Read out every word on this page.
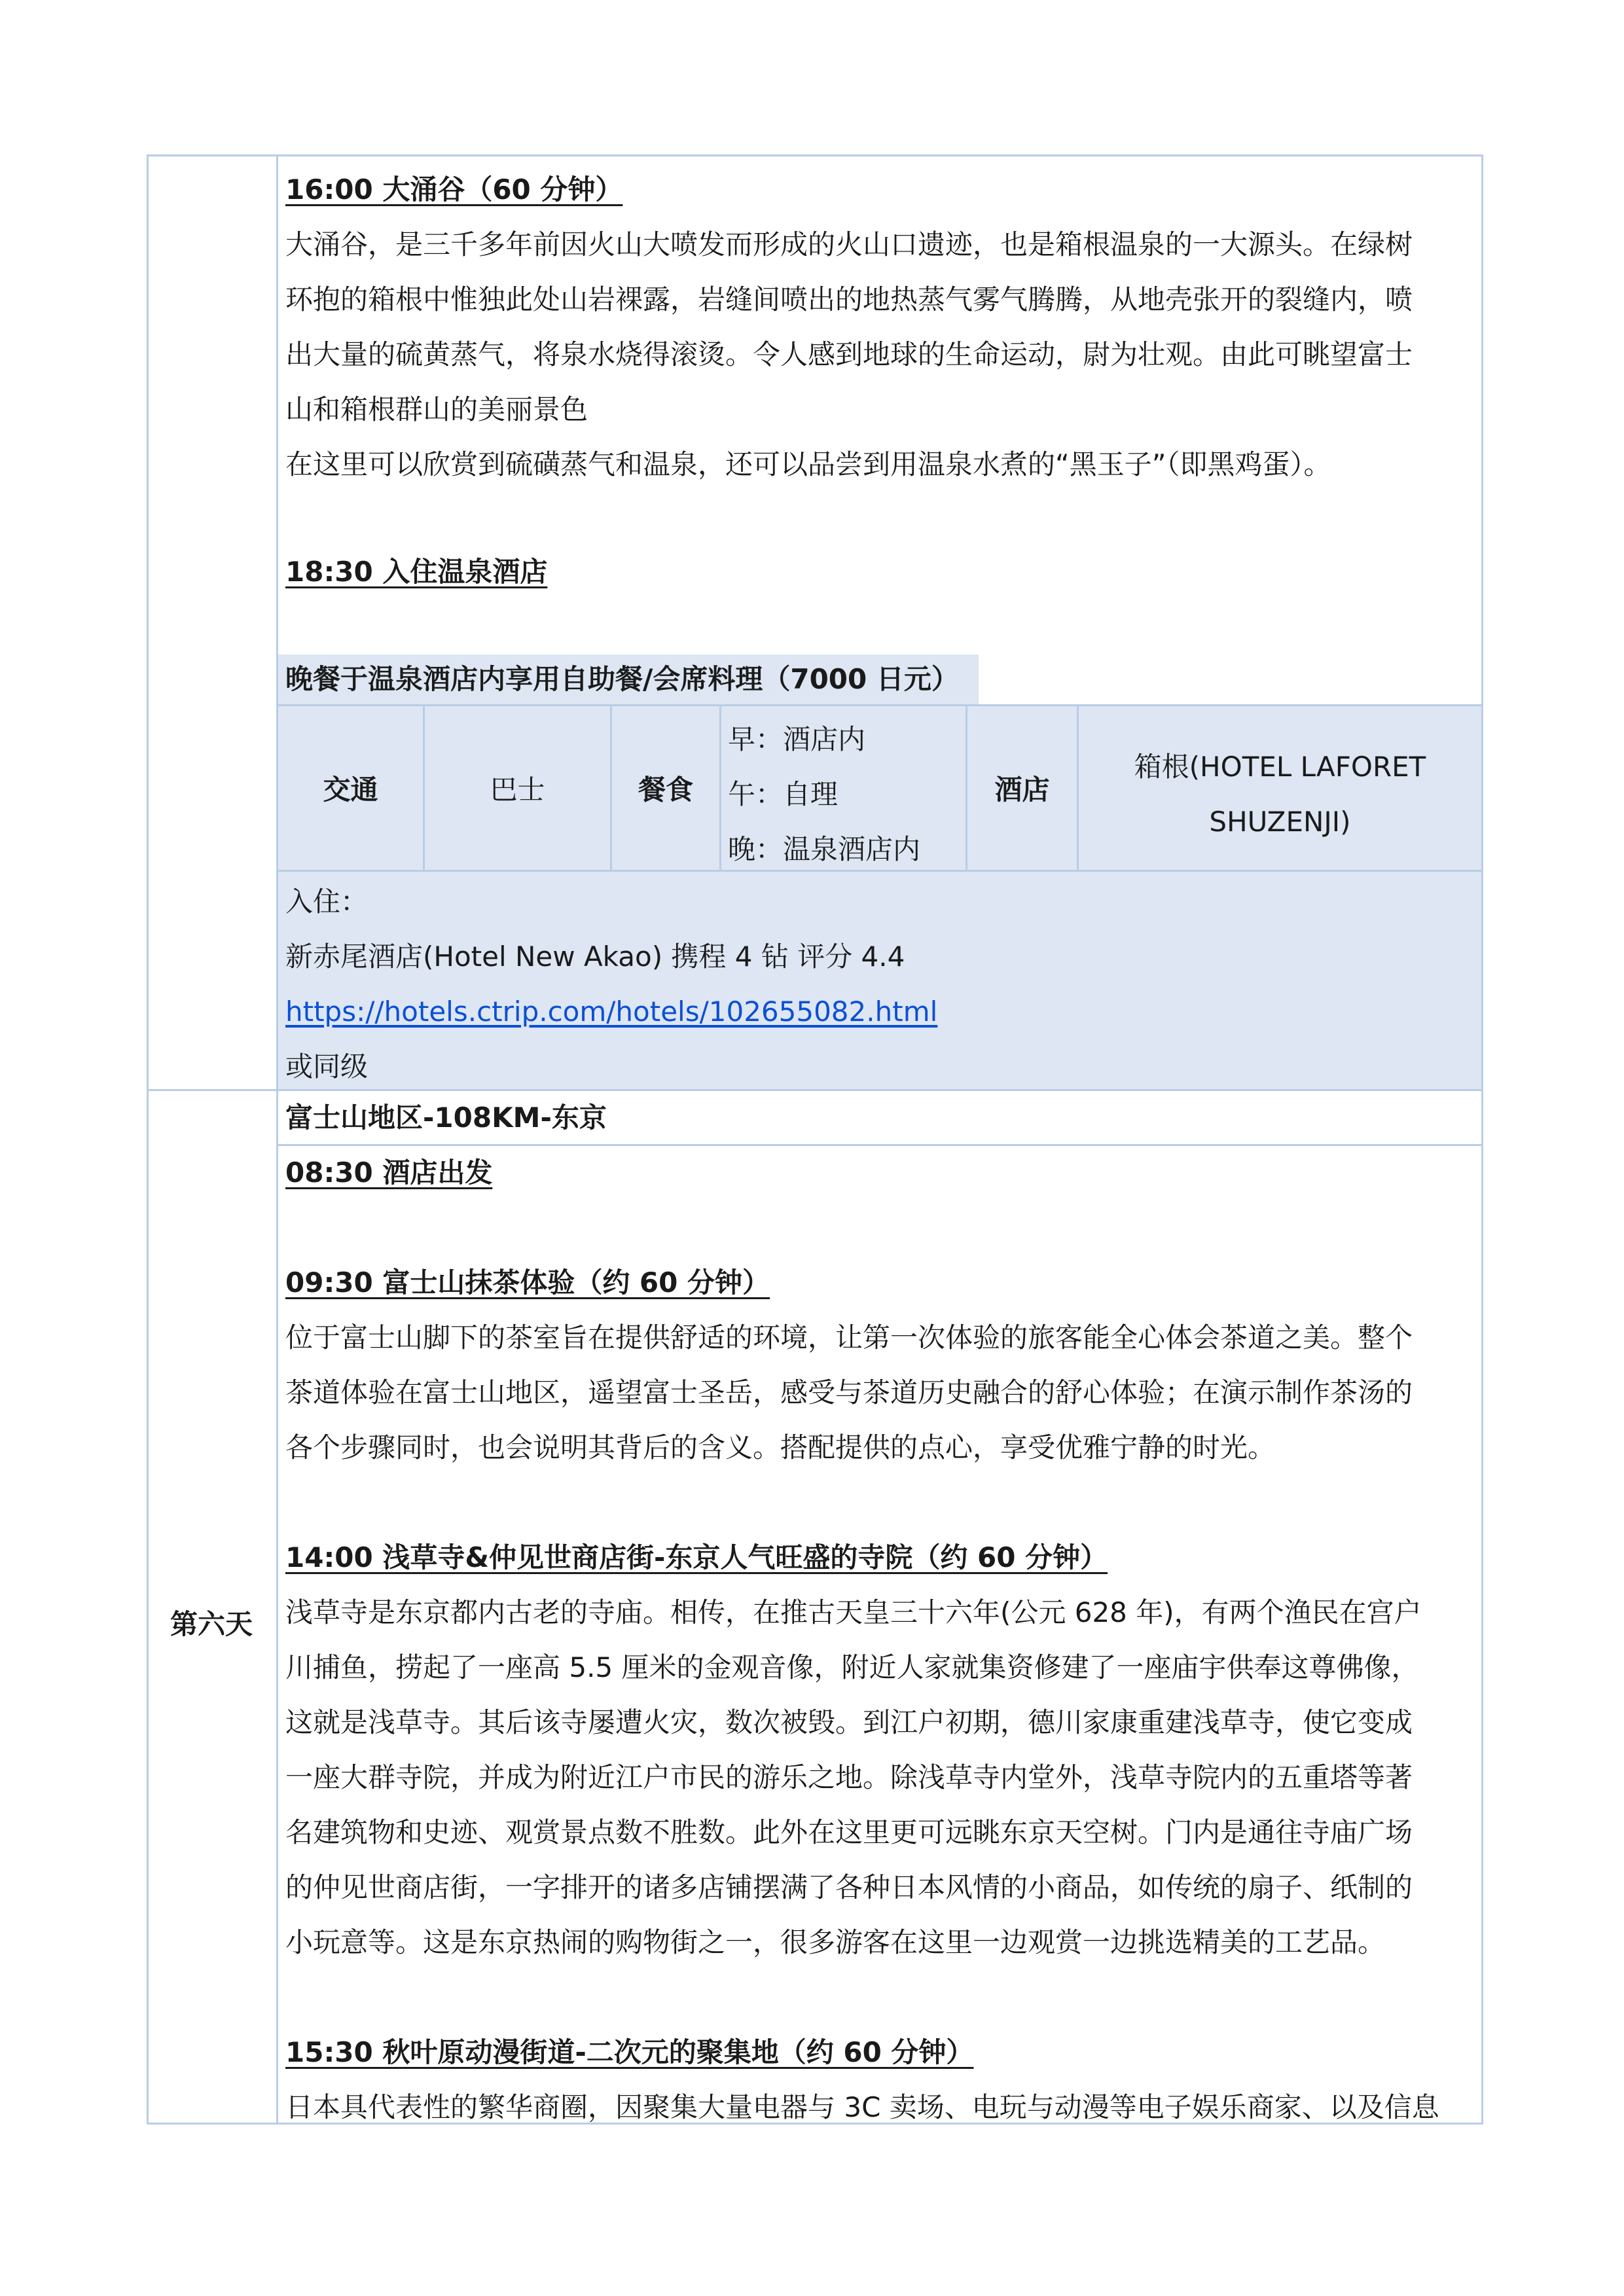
16:00 大涌谷（60 分钟）
大涌谷，是三千多年前因火山大喷发而形成的火山口遗迹，也是箱根温泉的一大源头。在绿树
环抱的箱根中惟独此处山岩裸露，岩缝间喷出的地热蒸气雾气腾腾，从地壳张开的裂缝内，喷
出大量的硫黄蒸气，将泉水烧得滚烫。令人感到地球的生命运动，尉为壮观。由此可眺望富士
山和箱根群山的美丽景色
在这里可以欣赏到硫磺蒸气和温泉，还可以品尝到用温泉水煮的“黑玉子”（即黑鸡蛋）。
18:30 入住温泉酒店
晚餐于温泉酒店内享用自助餐/会席料理（7000 日元）
交通	巴士	餐食
早：酒店内
午：自理
晚：温泉酒店内
酒店
箱根(HOTEL LAFORET
SHUZENJI)
入住：
新赤尾酒店(Hotel New Akao) 携程 4 钻 评分 4.4
https://hotels.ctrip.com/hotels/102655082.html
或同级
第六天
富士山地区-108KM-东京
08:30 酒店出发
09:30 富士山抹茶体验（约 60 分钟）
位于富士山脚下的茶室旨在提供舒适的环境，让第一次体验的旅客能全心体会茶道之美。整个
茶道体验在富士山地区，遥望富士圣岳，感受与茶道历史融合的舒心体验；在演示制作茶汤的
各个步骤同时，也会说明其背后的含义。搭配提供的点心，享受优雅宁静的时光。
14:00 浅草寺&仲见世商店街-东京人气旺盛的寺院（约 60 分钟）
浅草寺是东京都内古老的寺庙。相传，在推古天皇三十六年(公元 628 年)，有两个渔民在宫户
川捕鱼，捞起了一座高 5.5 厘米的金观音像，附近人家就集资修建了一座庙宇供奉这尊佛像，
这就是浅草寺。其后该寺屡遭火灾，数次被毁。到江户初期，德川家康重建浅草寺，使它变成
一座大群寺院，并成为附近江户市民的游乐之地。除浅草寺内堂外，浅草寺院内的五重塔等著
名建筑物和史迹、观赏景点数不胜数。此外在这里更可远眺东京天空树。门内是通往寺庙广场
的仲见世商店街，一字排开的诸多店铺摆满了各种日本风情的小商品，如传统的扇子、纸制的
小玩意等。这是东京热闹的购物街之一，很多游客在这里一边观赏一边挑选精美的工艺品。
15:30 秋叶原动漫街道-二次元的聚集地（约 60 分钟）
日本具代表性的繁华商圈，因聚集大量电器与 3C 卖场、电玩与动漫等电子娱乐商家、以及信息
